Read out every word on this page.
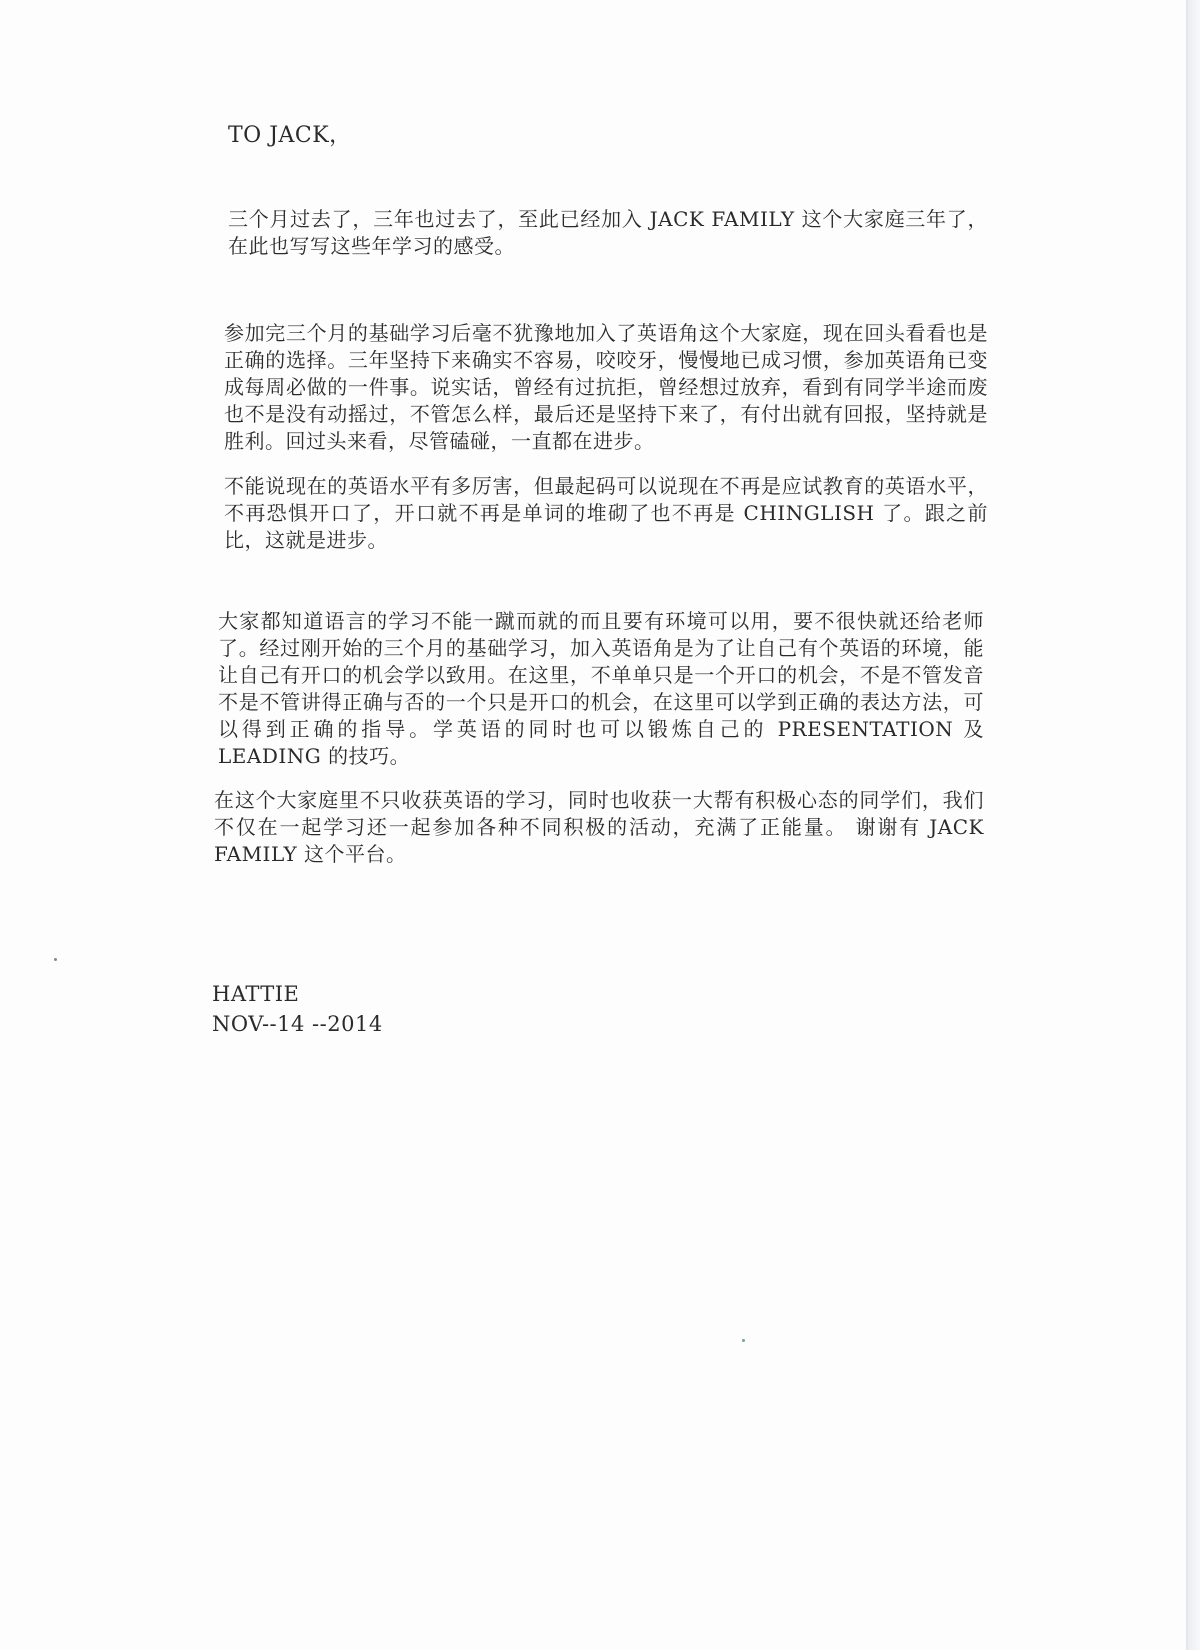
TO JACK，

三个月过去了，三年也过去了，至此已经加入 JACK FAMILY 这个大家庭三年了，在此也写写这些年学习的感受。

参加完三个月的基础学习后毫不犹豫地加入了英语角这个大家庭，现在回头看看也是正确的选择。三年坚持下来确实不容易，咬咬牙，慢慢地已成习惯，参加英语角已变成每周必做的一件事。说实话，曾经有过抗拒，曾经想过放弃，看到有同学半途而废也不是没有动摇过，不管怎么样，最后还是坚持下来了，有付出就有回报，坚持就是胜利。回过头来看，尽管磕碰，一直都在进步。

不能说现在的英语水平有多厉害，但最起码可以说现在不再是应试教育的英语水平，不再恐惧开口了，开口就不再是单词的堆砌了也不再是 CHINGLISH 了。跟之前比，这就是进步。

大家都知道语言的学习不能一蹴而就的而且要有环境可以用，要不很快就还给老师了。经过刚开始的三个月的基础学习，加入英语角是为了让自己有个英语的环境，能让自己有开口的机会学以致用。在这里，不单单只是一个开口的机会，不是不管发音不是不管讲得正确与否的一个只是开口的机会，在这里可以学到正确的表达方法，可以得到正确的指导。学英语的同时也可以锻炼自己的 PRESENTATION 及 LEADING 的技巧。

在这个大家庭里不只收获英语的学习，同时也收获一大帮有积极心态的同学们，我们不仅在一起学习还一起参加各种不同积极的活动，充满了正能量。 谢谢有 JACK FAMILY 这个平台。

HATTIE

NOV--14 --2014
